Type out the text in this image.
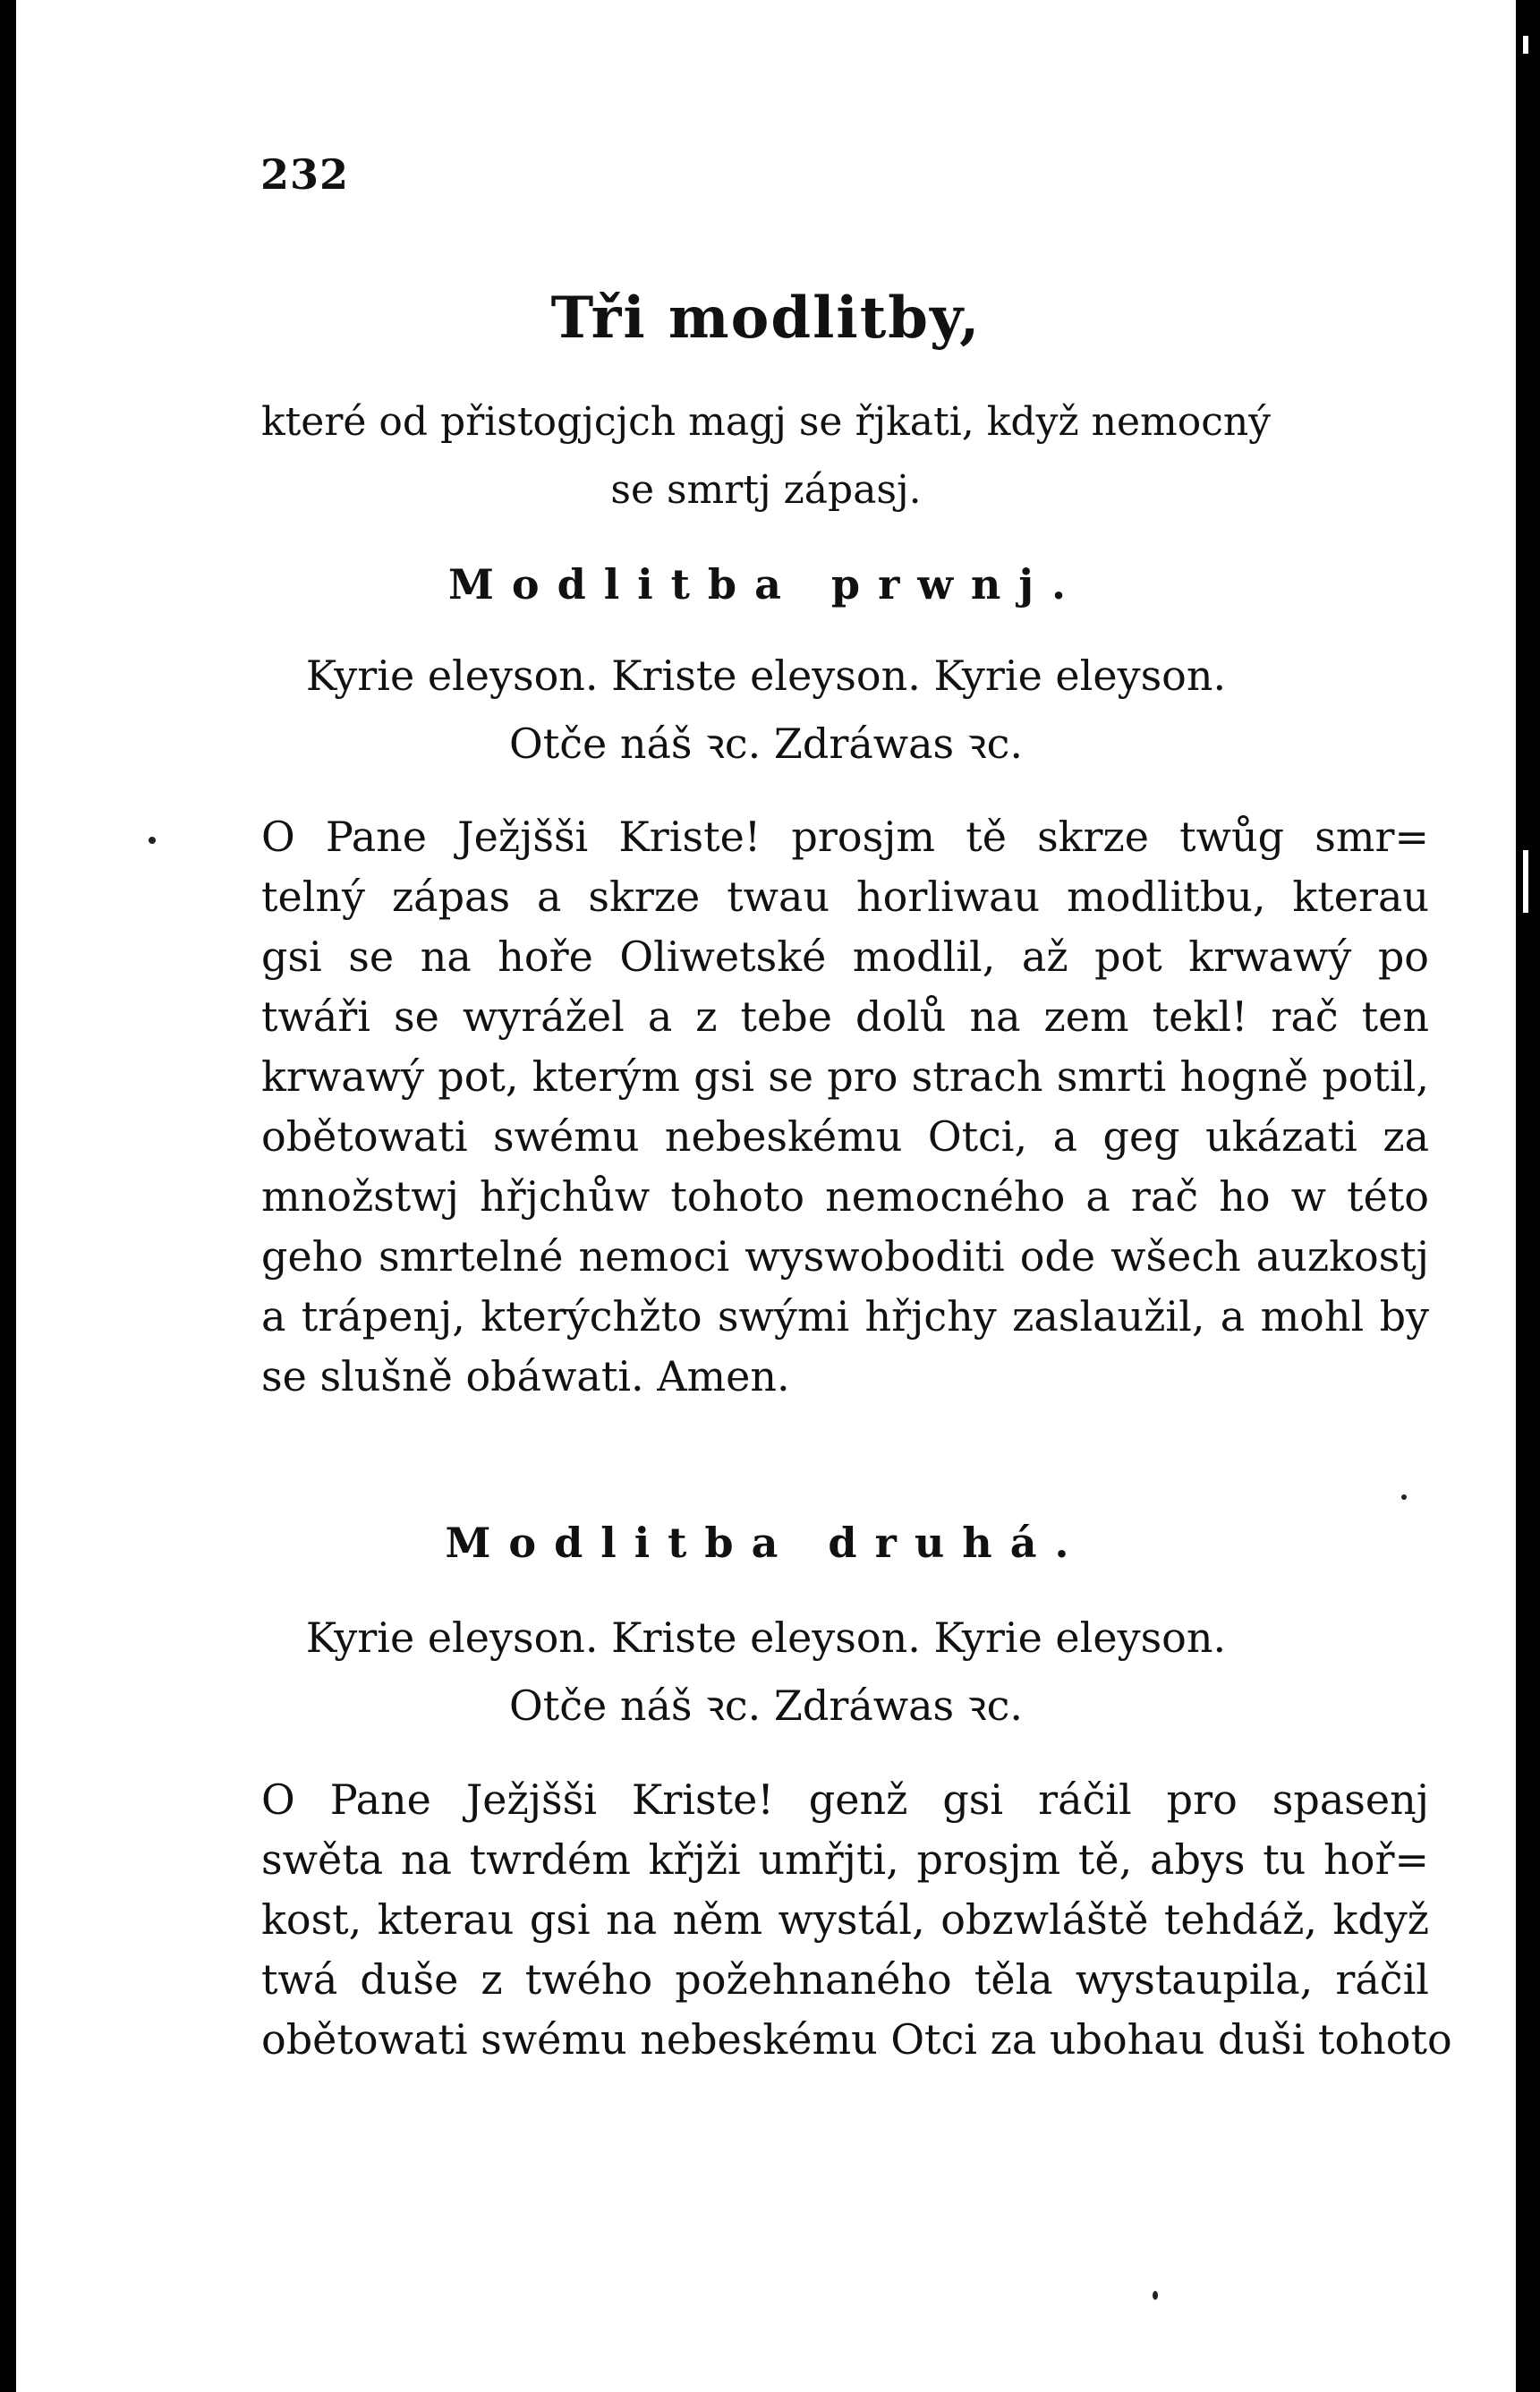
232
Tři modlitby,
které od přistogjcjch magj se řjkati, když nemocný
se smrtj zápasj.
Modlitba prwnj.
Kyrie eleyson. Kriste eleyson. Kyrie eleyson.
Otče náš ꝛc. Zdráwas ꝛc.
O Pane Ježjšši Kriste! prosjm tě skrze twůg smr=
telný zápas a skrze twau horliwau modlitbu, kterau
gsi se na hoře Oliwetské modlil, až pot krwawý po
twáři se wyrážel a z tebe dolů na zem tekl! rač ten
krwawý pot, kterým gsi se pro strach smrti hogně potil,
obětowati swému nebeskému Otci, a geg ukázati za
množstwj hřjchůw tohoto nemocného a rač ho w této
geho smrtelné nemoci wyswoboditi ode wšech auzkostj
a trápenj, kterýchžto swými hřjchy zaslaužil, a mohl by
se slušně obáwati. Amen.
Modlitba druhá.
Kyrie eleyson. Kriste eleyson. Kyrie eleyson.
Otče náš ꝛc. Zdráwas ꝛc.
O Pane Ježjšši Kriste! genž gsi ráčil pro spasenj
swěta na twrdém křjži umřjti, prosjm tě, abys tu hoř=
kost, kterau gsi na něm wystál, obzwláště tehdáž, když
twá duše z twého požehnaného těla wystaupila, ráčil
obětowati swému nebeskému Otci za ubohau duši tohoto
